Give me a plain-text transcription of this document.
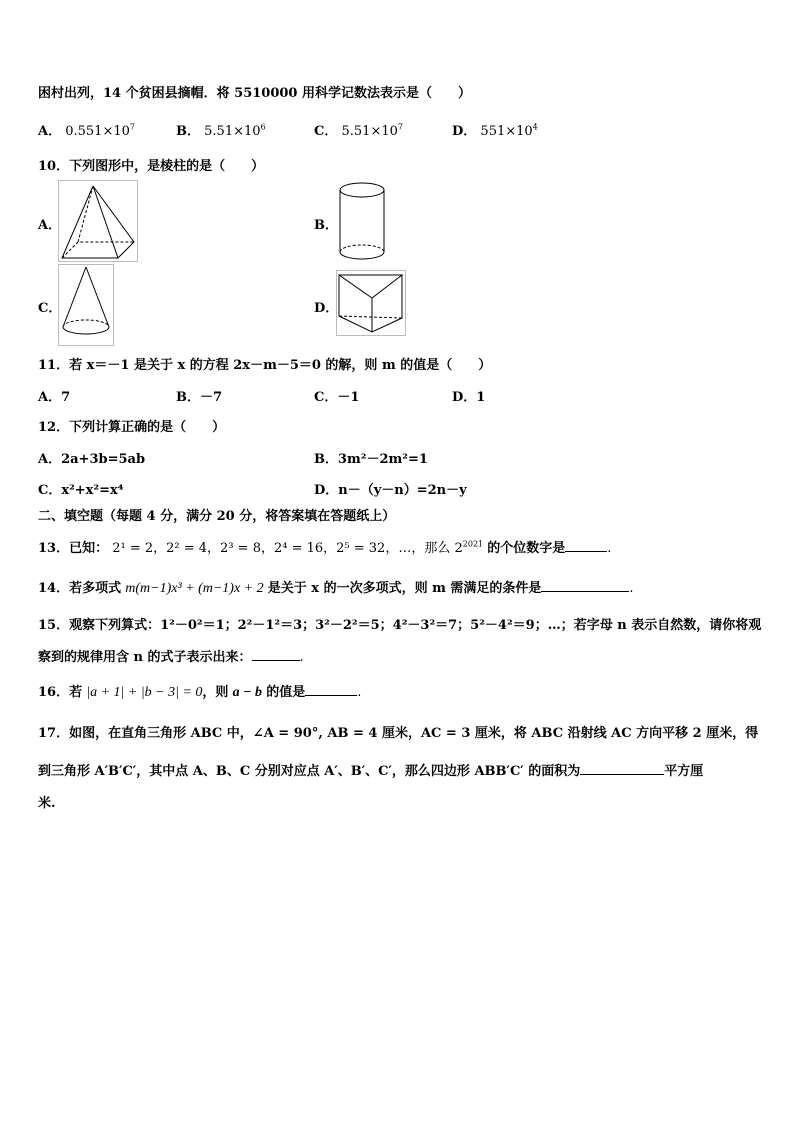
困村出列，14 个贫困县摘帽．将 5510000 用科学记数法表示是（　　）
A． $0.551\times 10^7$	B． $5.51\times 10^6$	C． $5.51\times 10^7$	D． $551\times 10^4$
10．下列图形中，是棱柱的是（　　）
A．	B．
C．	D．
11．若 x＝－1 是关于 x 的方程 2x－m－5＝0 的解，则 m 的值是（　　）
A．7	B．－7	C．－1	D．1
12．下列计算正确的是（　　）
A．2a+3b=5ab	B．3m²－2m²=1
C．x²+x²=x⁴	D．n－（y－n）=2n－y
二、填空题（每题 4 分，满分 20 分，将答案填在答题纸上）
13．已知： 2¹ = 2，2² = 4，2³ = 8，2⁴ = 16，2⁵ = 32，…，那么 $2^{2021}$ 的个位数字是	.
14．若多项式 m(m−1)x³ + (m−1)x + 2 是关于 x 的一次多项式，则 m 需满足的条件是	.
15．观察下列算式：1²－0²＝1；2²－1²＝3；3²－2²＝5；4²－3²＝7；5²－4²＝9；…；若字母 n 表示自然数，请你将观
察到的规律用含 n 的式子表示出来：	.
16．若 |a + 1| + |b − 3| = 0，则 a − b 的值是	.
17．如图，在直角三角形 ABC 中，∠A = 90°, AB = 4 厘米，AC = 3 厘米，将 ABC 沿射线 AC 方向平移 2 厘米，得
到三角形 A′B′C′，其中点 A、B、C 分别对应点 A′、B′、C′，那么四边形 ABB′C′ 的面积为	平方厘
米.
